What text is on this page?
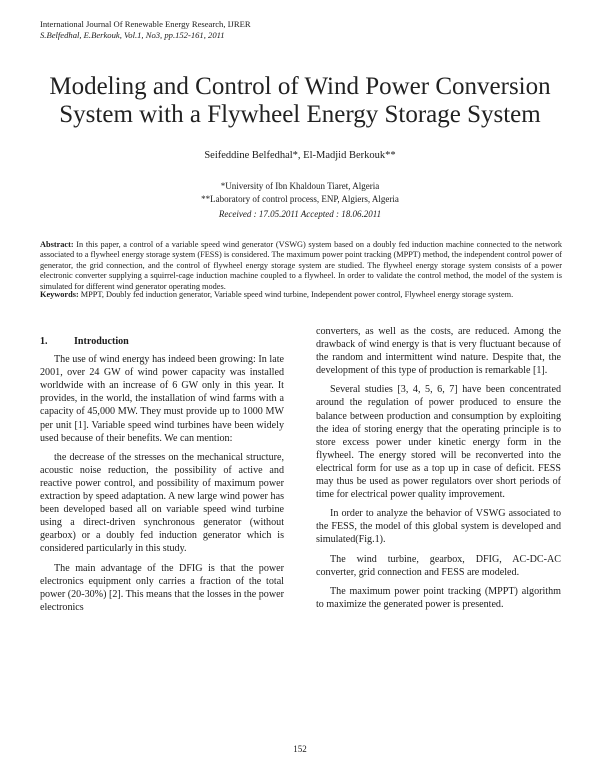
International Journal Of Renewable Energy Research, IJRER
S.Belfedhal, E.Berkouk, Vol.1, No3, pp.152-161, 2011
Modeling and Control of Wind Power Conversion
System with a Flywheel Energy Storage System
Seifeddine Belfedhal*, El-Madjid Berkouk**
*University of Ibn Khaldoun Tiaret, Algeria
**Laboratory of control process, ENP, Algiers, Algeria
Received : 17.05.2011 Accepted : 18.06.2011
Abstract: In this paper, a control of a variable speed wind generator (VSWG) system based on a doubly fed induction machine connected to the network associated to a flywheel energy storage system (FESS) is considered. The maximum power point tracking (MPPT) method, the independent control power of generator, the grid connection, and the control of flywheel energy storage system are studied. The flywheel energy storage system consists of a power electronic converter supplying a squirrel-cage induction machine coupled to a flywheel. In order to validate the control method, the model of the system is simulated for different wind generator operating modes.
Keywords: MPPT, Doubly fed induction generator, Variable speed wind turbine, Independent power control, Flywheel energy storage system.
1.	Introduction

The use of wind energy has indeed been growing: In late 2001, over 24 GW of wind power capacity was installed worldwide with an increase of 6 GW only in this year. It provides, in the world, the installation of wind farms with a capacity of 45,000 MW. They must provide up to 1000 MW per unit [1]. Variable speed wind turbines have been widely used because of their benefits. We can mention:

the decrease of the stresses on the mechanical structure, acoustic noise reduction, the possibility of active and reactive power control, and possibility of maximum power extraction by speed adaptation. A new large wind power has been developed based all on variable speed wind turbine using a direct-driven synchronous generator (without gearbox) or a doubly fed induction generator which is considered particularly in this study.

The main advantage of the DFIG is that the power electronics equipment only carries a fraction of the total power (20-30%) [2]. This means that the losses in the power electronics

converters, as well as the costs, are reduced. Among the drawback of wind energy is that is very fluctuant because of the random and intermittent wind nature. Despite that, the development of this type of production is remarkable [1].

Several studies [3, 4, 5, 6, 7] have been concentrated around the regulation of power produced to ensure the balance between production and consumption by exploiting the idea of storing energy that the operating principle is to store excess power under kinetic energy form in the flywheel. The energy stored will be reconverted into the electrical form for use as a top up in case of deficit. FESS may thus be used as power regulators over short periods of time for electrical power quality improvement.

In order to analyze the behavior of VSWG associated to the FESS, the model of this global system is developed and simulated(Fig.1).

The wind turbine, gearbox, DFIG, AC-DC-AC converter, grid connection and FESS are modeled.

The maximum power point tracking (MPPT) algorithm to maximize the generated power is presented.

152
